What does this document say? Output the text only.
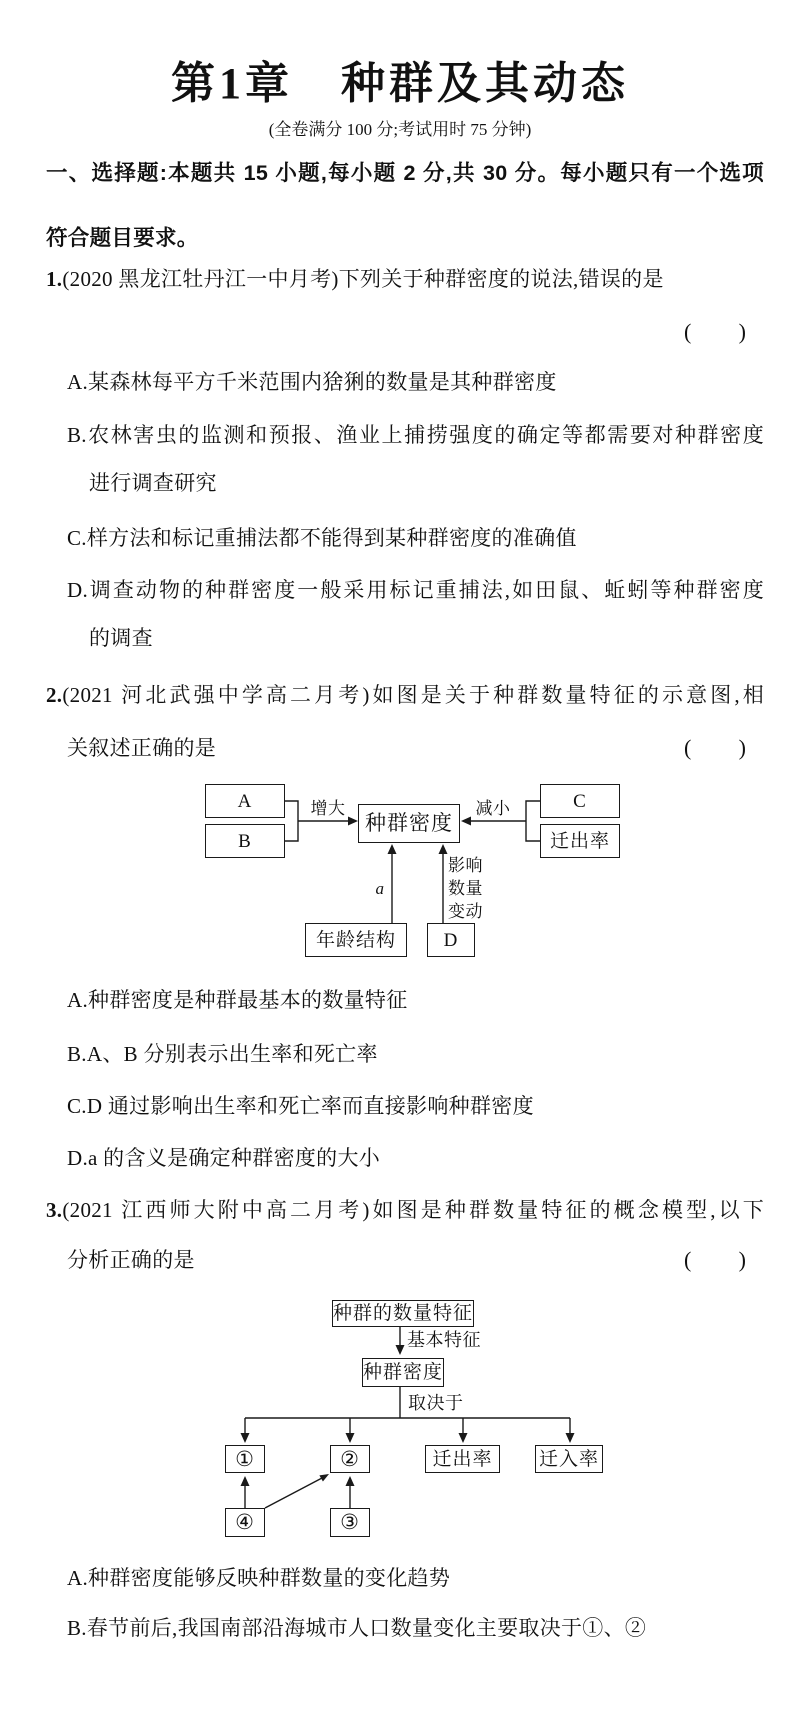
第1章　种群及其动态
(全卷满分 100 分;考试用时 75 分钟)
一、选择题:本题共 15 小题,每小题 2 分,共 30 分。每小题只有一个选项
符合题目要求。
1.(2020 黑龙江牡丹江一中月考)下列关于种群密度的说法,错误的是
( )
A.某森林每平方千米范围内猞猁的数量是其种群密度
B.农林害虫的监测和预报、渔业上捕捞强度的确定等都需要对种群密度
进行调查研究
C.样方法和标记重捕法都不能得到某种群密度的准确值
D.调查动物的种群密度一般采用标记重捕法,如田鼠、蚯蚓等种群密度
的调查
2.(2021 河北武强中学高二月考)如图是关于种群数量特征的示意图,相
关叙述正确的是	( )
A
B
增大
种群密度
减小	C
迁出率
a
影响
数量
变动
年龄结构	D
A.种群密度是种群最基本的数量特征
B.A、B 分别表示出生率和死亡率
C.D 通过影响出生率和死亡率而直接影响种群密度
D.a 的含义是确定种群密度的大小
3.(2021 江西师大附中高二月考)如图是种群数量特征的概念模型,以下
分析正确的是	( )
种群的数量特征
基本特征
种群密度
取决于
①	②	迁出率	迁入率
④	③
A.种群密度能够反映种群数量的变化趋势
B.春节前后,我国南部沿海城市人口数量变化主要取决于①、②
